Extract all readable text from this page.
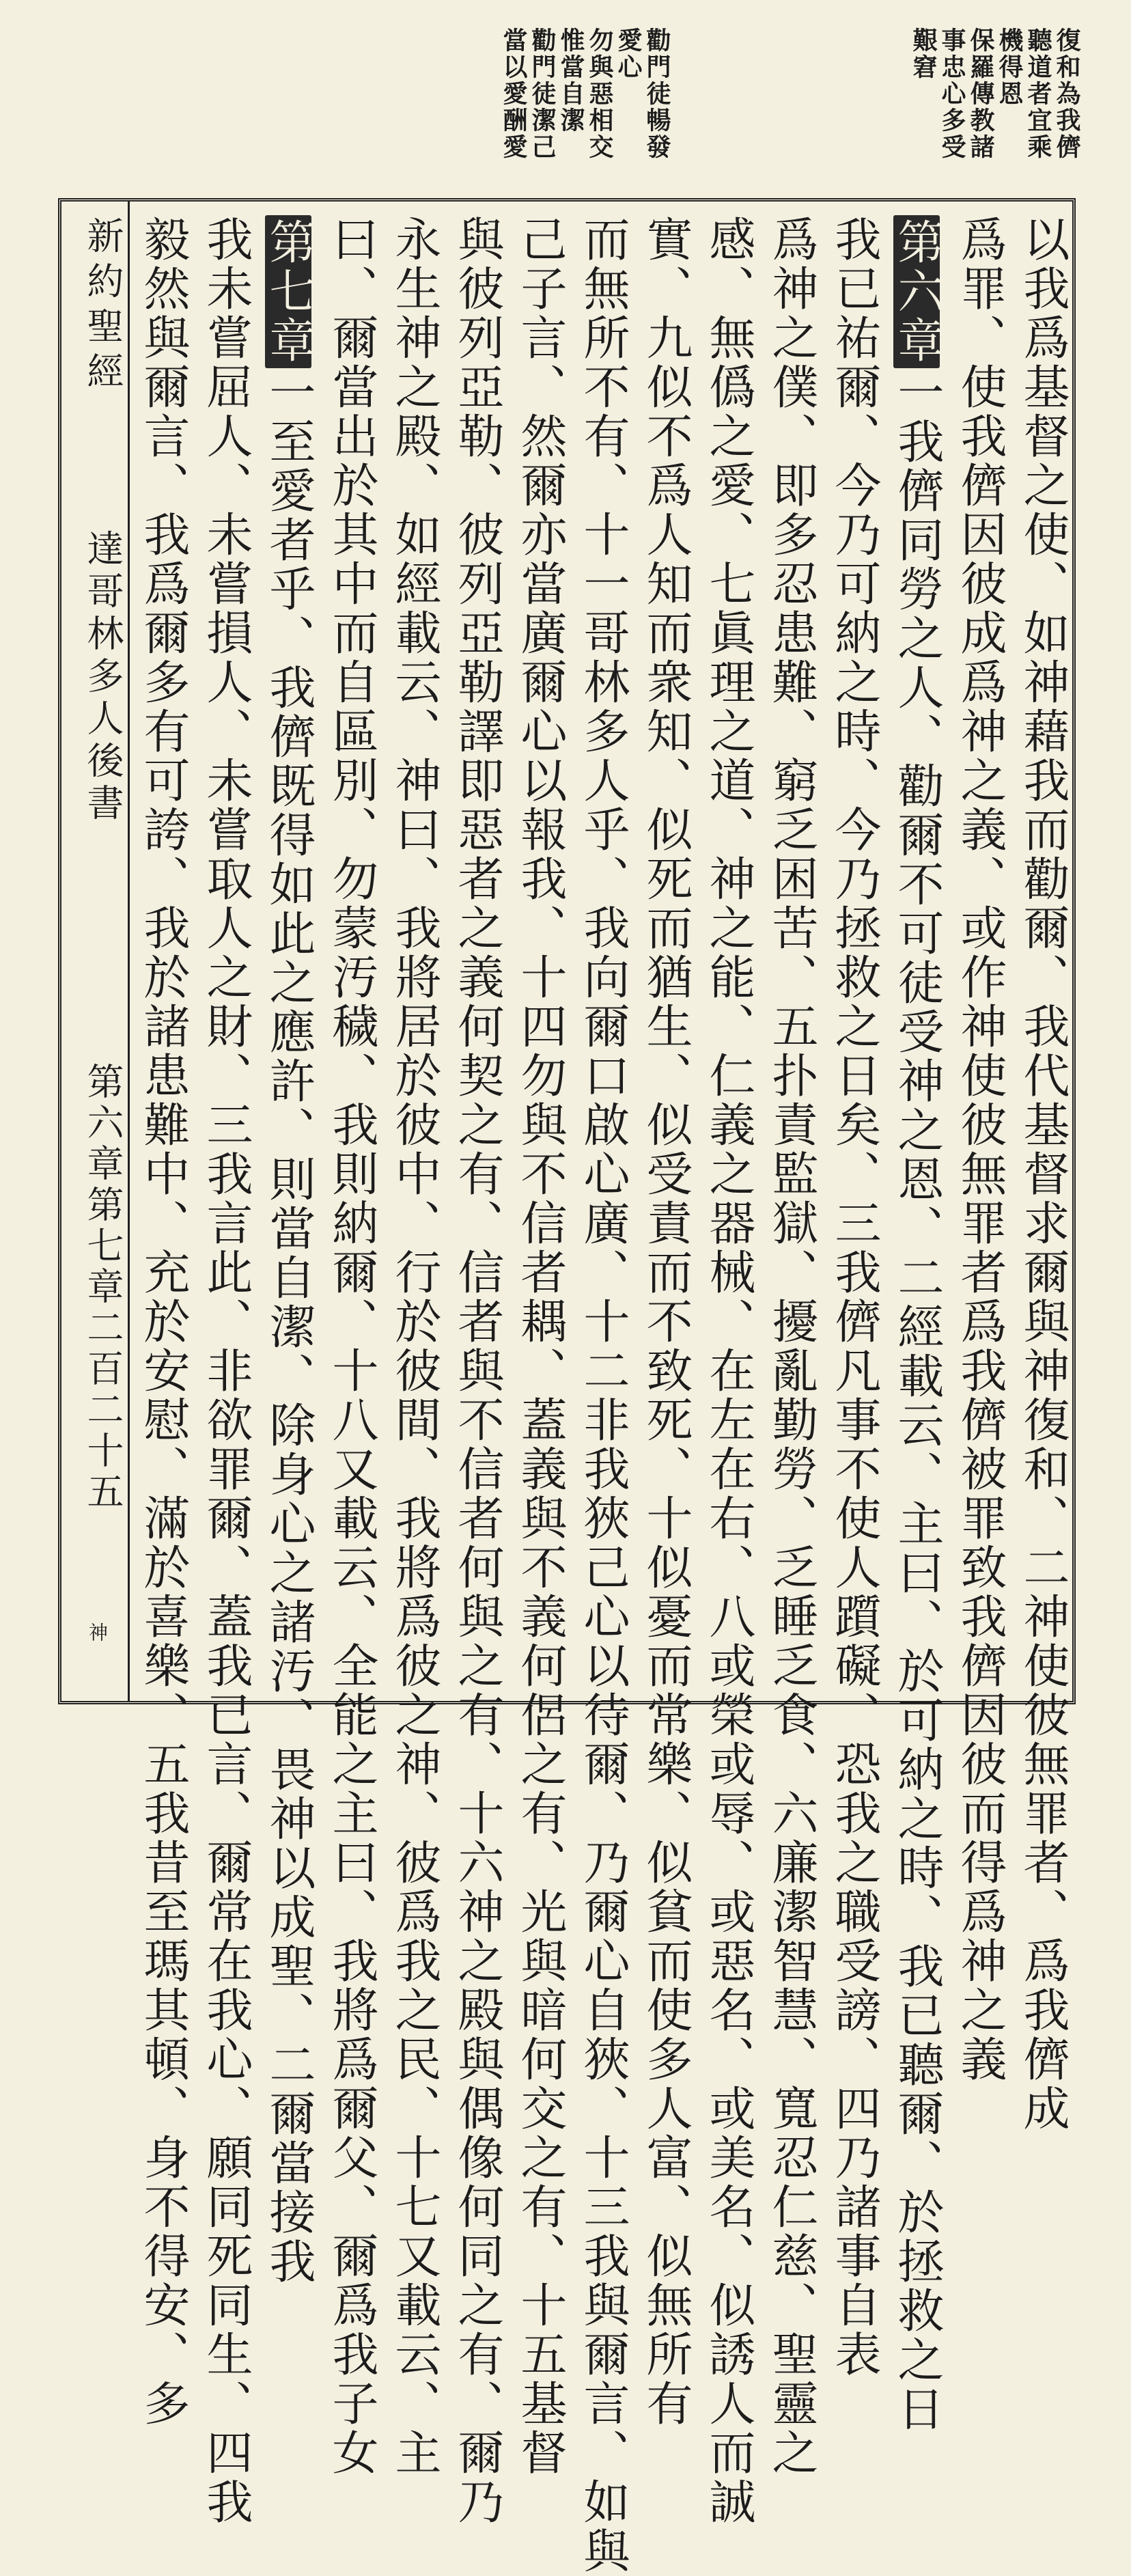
復和為我儕
聽道者宜乘
機得恩
保羅傳教諸
事忠心多受
艱窘
勸門徒暢發
愛心
勿與惡相交
惟當自潔
勸門徒潔己
當以愛酬愛
以我爲基督之使、如神藉我而勸爾、我代基督求爾與神復和、二神使彼無罪者、爲我儕成
爲罪、使我儕因彼成爲神之義、或作神使彼無罪者爲我儕被罪致我儕因彼而得爲神之義
第六章一我儕同勞之人、勸爾不可徒受神之恩、二經載云、主曰、於可納之時、我已聽爾、於拯救之日
我已祐爾、今乃可納之時、今乃拯救之日矣、三我儕凡事不使人躓礙、恐我之職受謗、四乃諸事自表
爲神之僕、即多忍患難、窮乏困苦、五扑責監獄、擾亂勤勞、乏睡乏食、六廉潔智慧、寬忍仁慈、聖靈之
感、無僞之愛、七眞理之道、神之能、仁義之器械、在左在右、八或榮或辱、或惡名、或美名、似誘人而誠
實、九似不爲人知而衆知、似死而猶生、似受責而不致死、十似憂而常樂、似貧而使多人富、似無所有
而無所不有、十一哥林多人乎、我向爾口啟心廣、十二非我狹己心以待爾、乃爾心自狹、十三我與爾言、如與
己子言、然爾亦當廣爾心以報我、十四勿與不信者耦、蓋義與不義何侶之有、光與暗何交之有、十五基督
與彼列亞勒、彼列亞勒譯即惡者之義何契之有、信者與不信者何與之有、十六神之殿與偶像何同之有、爾乃
永生神之殿、如經載云、神曰、我將居於彼中、行於彼間、我將爲彼之神、彼爲我之民、十七又載云、主
曰、爾當出於其中而自區別、勿蒙汚穢、我則納爾、十八又載云、全能之主曰、我將爲爾父、爾爲我子女
第七章一至愛者乎、我儕既得如此之應許、則當自潔、除身心之諸汚、畏神以成聖、二爾當接我
我未嘗屈人、未嘗損人、未嘗取人之財、三我言此、非欲罪爾、蓋我已言、爾常在我心、願同死同生、四我
毅然與爾言、我爲爾多有可誇、我於諸患難中、充於安慰、滿於喜樂、五我昔至瑪其頓、身不得安、多
新約聖經
達哥林多人後書
第六章第七章
二百二十五
神
